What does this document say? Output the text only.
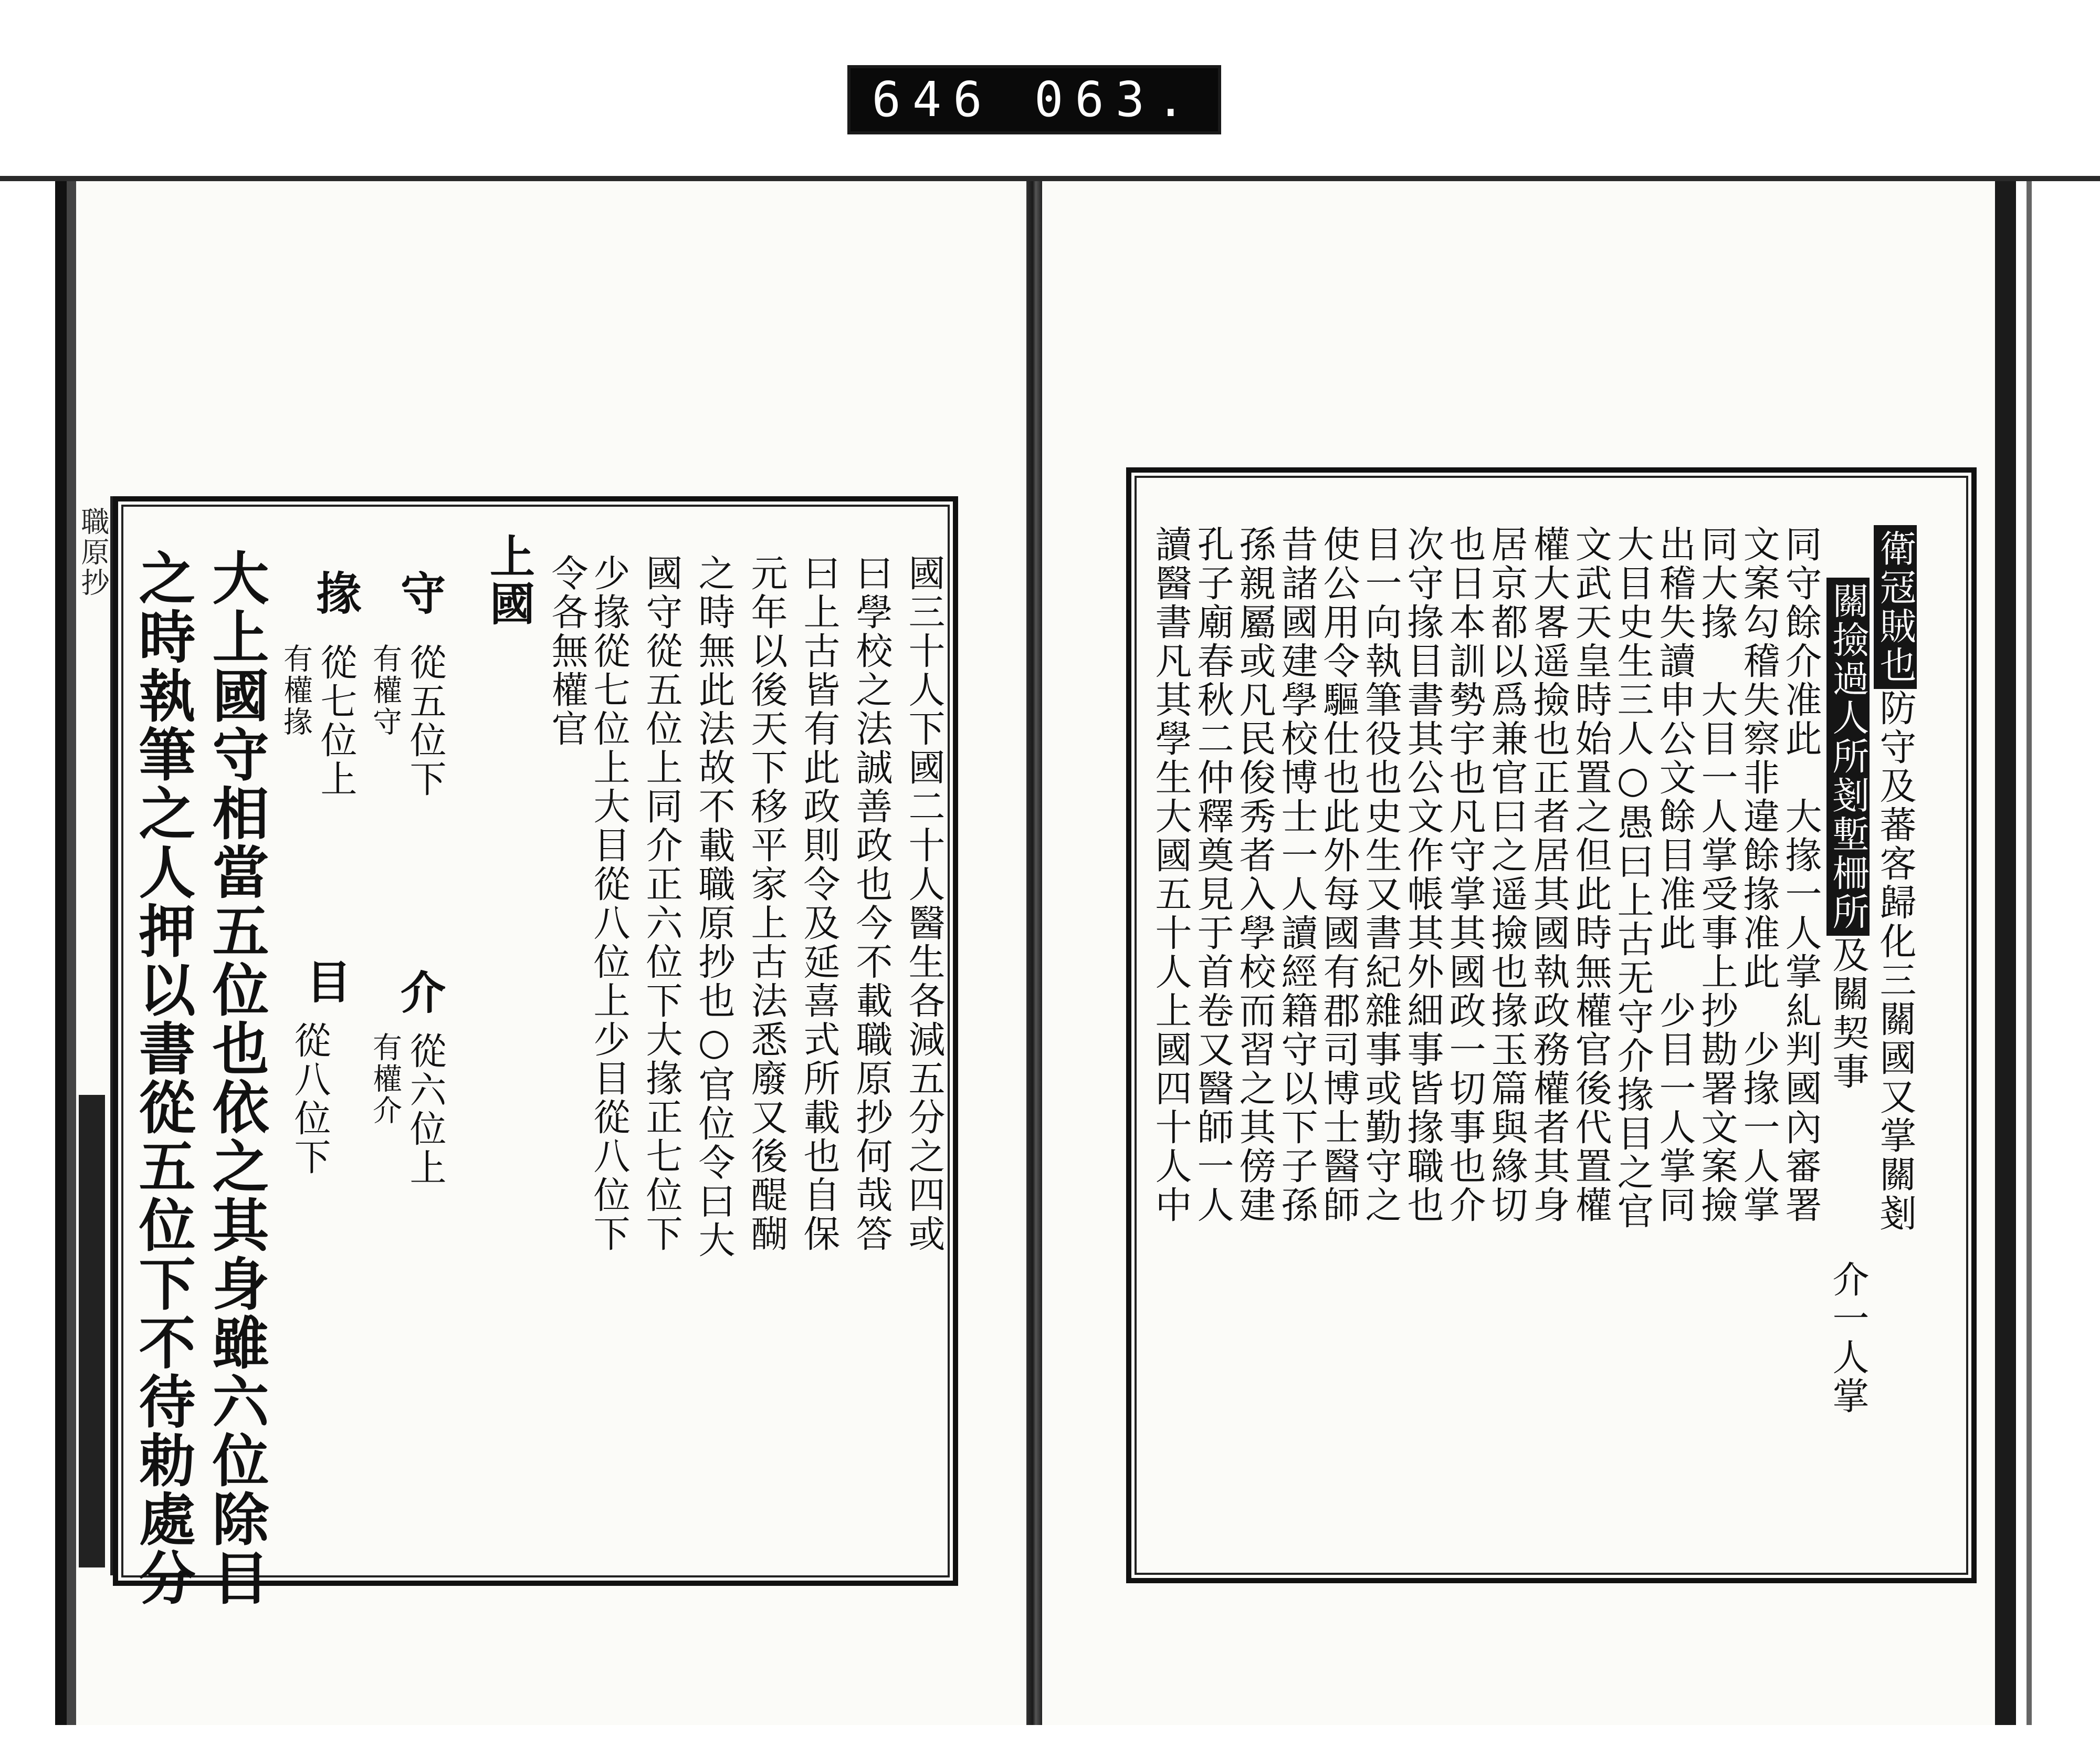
646 063.
職原抄
國三十人下國二十人醫生各減五分之四或
曰學校之法誠善政也今不載職原抄何哉答
曰上古皆有此政則令及延喜式所載也自保
元年以後天下移平家上古法悉廢又後醍醐
之時無此法故不載職原抄也○官位令曰大
國守從五位上同介正六位下大掾正七位下
少掾從七位上大目從八位上少目從八位下
令各無權官
上國
守
從五位下
有權守
介
從六位上
有權介
掾
從七位上
有權掾
目
從八位下
大上國守相當五位也依之其身雖六位除目
之時執筆之人押以書從五位下不待勅處分	衛冦賊也防守及蕃客歸化三關國又掌關剗
關撿過人所剗塹柵所及關契事
介一人掌
同守餘介准此　大掾一人掌糺判國內審署
文案勾稽失察非違餘掾准此　少掾一人掌
同大掾　大目一人掌受事上抄勘署文案撿
出稽失讀申公文餘目准此　少目一人掌同
大目史生三人○愚曰上古无守介掾目之官
文武天皇時始置之但此時無權官後代置權
權大畧遥撿也正者居其國執政務權者其身
居京都以爲兼官曰之遥撿也掾玉篇與緣切
也日本訓勢宇也凡守掌其國政一切事也介
次守掾目書其公文作帳其外細事皆掾職也
目一向執筆役也史生又書紀雜事或勤守之
使公用令驅仕也此外每國有郡司博士醫師
昔諸國建學校博士一人讀經籍守以下子孫
孫親屬或凡民俊秀者入學校而習之其傍建
孔子廟春秋二仲釋奠見于首卷又醫師一人
讀醫書凡其學生大國五十人上國四十人中
